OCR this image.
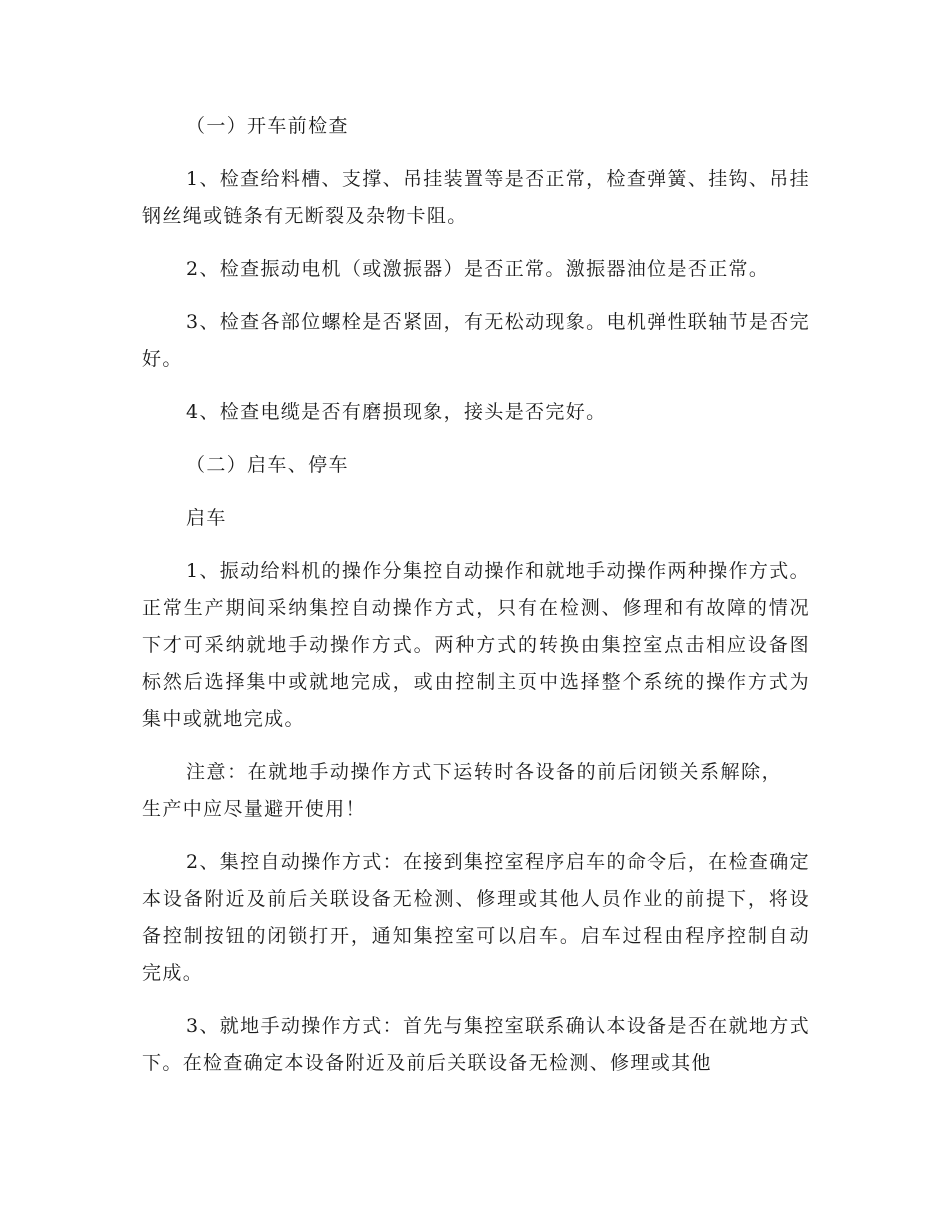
（一）开车前检查

1、检查给料槽、支撑、吊挂装置等是否正常，检查弹簧、挂钩、吊挂钢丝绳或链条有无断裂及杂物卡阻。

2、检查振动电机（或激振器）是否正常。激振器油位是否正常。

3、检查各部位螺栓是否紧固，有无松动现象。电机弹性联轴节是否完好。

4、检查电缆是否有磨损现象，接头是否完好。

（二）启车、停车

启车

1、振动给料机的操作分集控自动操作和就地手动操作两种操作方式。正常生产期间采纳集控自动操作方式，只有在检测、修理和有故障的情况下才可采纳就地手动操作方式。两种方式的转换由集控室点击相应设备图标然后选择集中或就地完成，或由控制主页中选择整个系统的操作方式为集中或就地完成。

注意：在就地手动操作方式下运转时各设备的前后闭锁关系解除，生产中应尽量避开使用！

2、集控自动操作方式：在接到集控室程序启车的命令后，在检查确定本设备附近及前后关联设备无检测、修理或其他人员作业的前提下，将设备控制按钮的闭锁打开，通知集控室可以启车。启车过程由程序控制自动完成。

3、就地手动操作方式：首先与集控室联系确认本设备是否在就地方式下。在检查确定本设备附近及前后关联设备无检测、修理或其他
